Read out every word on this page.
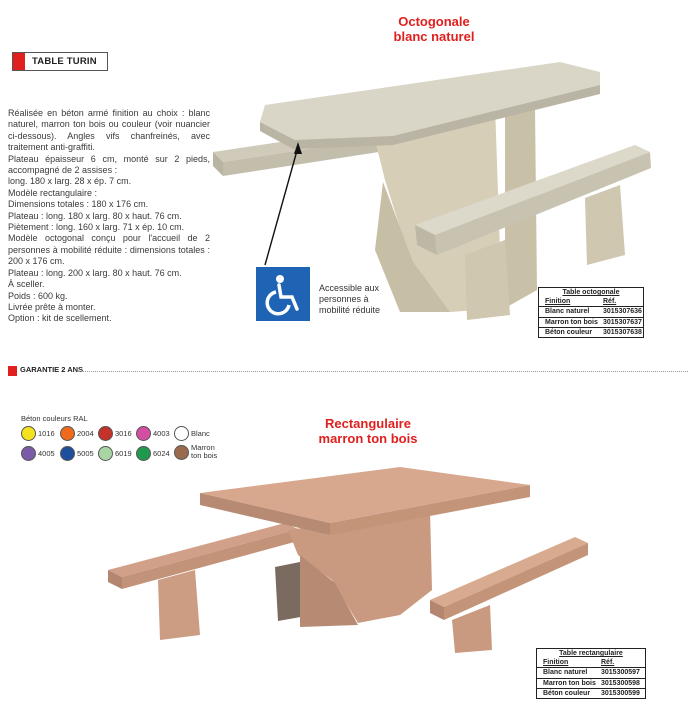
TABLE TURIN

Réalisée en béton armé finition au choix : blanc naturel, marron ton bois ou couleur (voir nuancier ci-dessous). Angles vifs chanfreinés, avec traitement anti-graffiti.

Plateau épaisseur 6 cm, monté sur 2 pieds, accompagné de 2 assises :

long. 180 x larg. 28 x ép. 7 cm.

Modèle rectangulaire :

Dimensions totales : 180 x 176 cm.

Plateau : long. 180 x larg. 80 x haut. 76 cm.

Piètement : long. 160 x larg. 71 x ép. 10 cm.

Modèle octogonal conçu pour l'accueil de 2 personnes à mobilité réduite : dimensions totales : 200 x 176 cm.

Plateau : long. 200 x larg. 80 x haut. 76 cm.

À sceller.

Poids : 600 kg.

Livrée prête à monter.

Option : kit de scellement.

GARANTIE 2 ANS
Octogonale
blanc naturel
Accessible aux
personnes à
mobilité réduite
Table octogonale
Finition	Réf.
Blanc naturel	3015307636
Marron ton bois 3015307637
Béton couleur	3015307638
Béton couleurs RAL
1016	2004	3016	4003	Blanc
4005	5005	6019	6024
Marron
ton bois
Rectangulaire
marron ton bois
Table rectangulaire
Finition	Réf.
Blanc naturel	3015300597
Marron ton bois 3015300598
Béton couleur	3015300599
